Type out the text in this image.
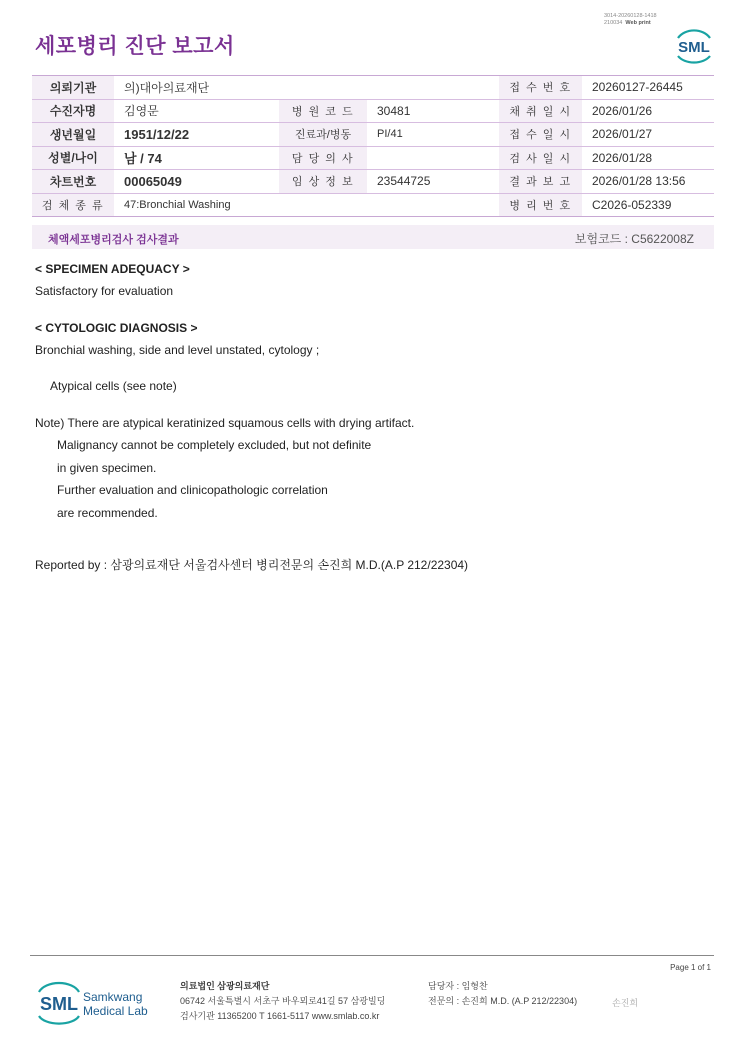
3014-20260128-1418
210034 Web print
세포병리 진단 보고서	SML
의뢰기관	의)대아의료재단			접 수 번 호	20260127-26445
수진자명	김영문	병 원 코 드	30481	채 취 일 시	2026/01/26
생년월일	1951/12/22	진료과/병동	PI/41	접 수 일 시	2026/01/27
성별/나이	남 / 74	담 당 의 사		검 사 일 시	2026/01/28
차트번호	00065049	임 상 정 보	23544725	결 과 보 고	2026/01/28 13:56
검 체 종 류	47:Bronchial Washing			병 리 번 호	C2026-052339
체액세포병리검사 검사결과	보험코드 : C5622008Z
< SPECIMEN ADEQUACY >
Satisfactory for evaluation
< CYTOLOGIC DIAGNOSIS >
Bronchial washing, side and level unstated, cytology ;
Atypical cells (see note)
Note) There are atypical keratinized squamous cells with drying artifact.
Malignancy cannot be completely excluded, but not definite
in given specimen.
Further evaluation and clinicopathologic correlation
are recommended.
Reported by : 삼광의료재단 서울검사센터 병리전문의 손진희 M.D.(A.P 212/22304)
Page 1 of 1
SML Samkwang
Medical Lab
의료법인 삼광의료재단
06742 서울특별시 서초구 바우뫼로41길 57 삼광빌딩
검사기관 11365200 T 1661-5117 www.smlab.co.kr
담당자 : 임형찬
전문의 : 손진희 M.D. (A.P 212/22304)	손진희
